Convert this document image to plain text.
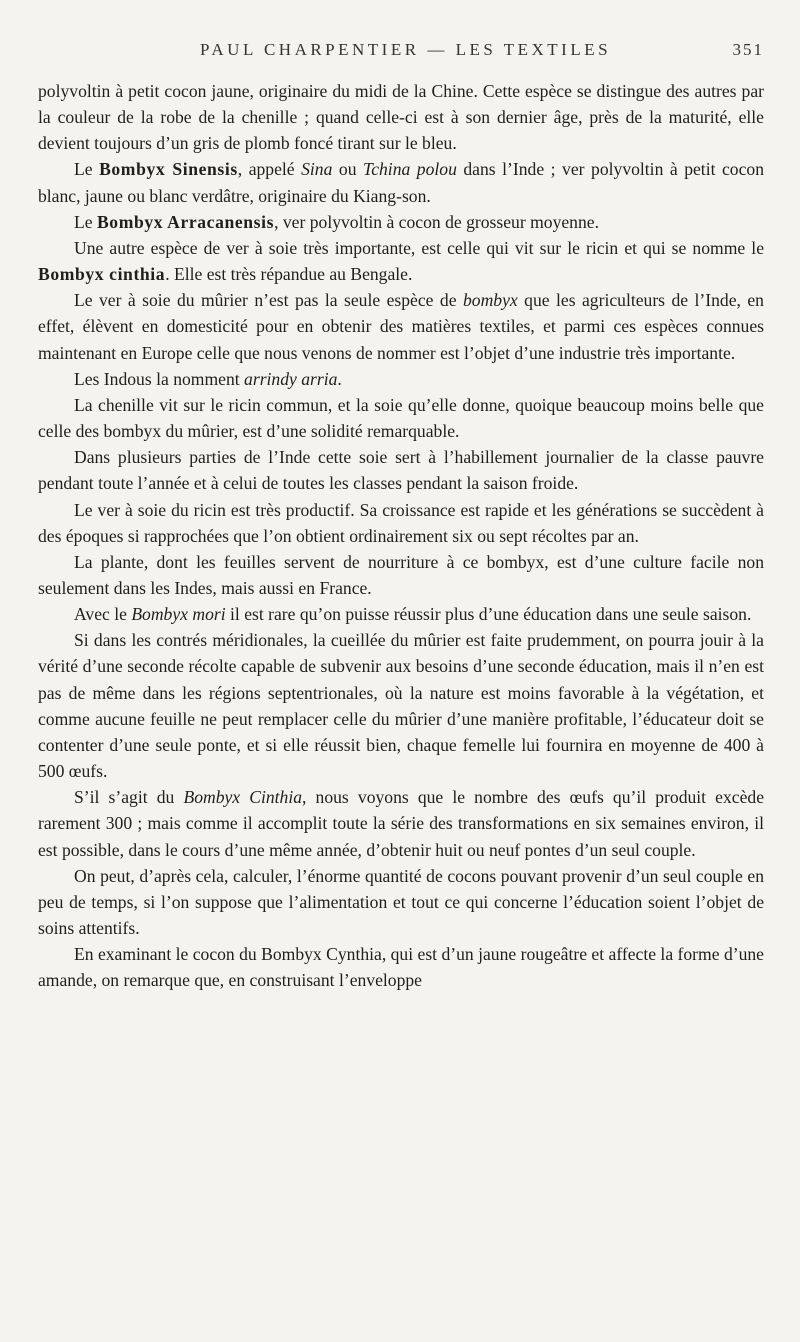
PAUL CHARPENTIER — LES TEXTILES	351

polyvoltin à petit cocon jaune, originaire du midi de la Chine. Cette espèce se distingue des autres par la couleur de la robe de la chenille ; quand celle-ci est à son dernier âge, près de la maturité, elle devient toujours d’un gris de plomb foncé tirant sur le bleu.

Le Bombyx Sinensis, appelé Sina ou Tchina polou dans l’Inde ; ver polyvoltin à petit cocon blanc, jaune ou blanc verdâtre, originaire du Kiang-son.

Le Bombyx Arracanensis, ver polyvoltin à cocon de grosseur moyenne.

Une autre espèce de ver à soie très importante, est celle qui vit sur le ricin et qui se nomme le Bombyx cinthia. Elle est très répandue au Bengale.

Le ver à soie du mûrier n’est pas la seule espèce de bombyx que les agriculteurs de l’Inde, en effet, élèvent en domesticité pour en obtenir des matières textiles, et parmi ces espèces connues maintenant en Europe celle que nous venons de nommer est l’objet d’une industrie très importante.

Les Indous la nomment arrindy arria.

La chenille vit sur le ricin commun, et la soie qu’elle donne, quoique beaucoup moins belle que celle des bombyx du mûrier, est d’une solidité remarquable.

Dans plusieurs parties de l’Inde cette soie sert à l’habillement journalier de la classe pauvre pendant toute l’année et à celui de toutes les classes pendant la saison froide.

Le ver à soie du ricin est très productif. Sa croissance est rapide et les générations se succèdent à des époques si rapprochées que l’on obtient ordinairement six ou sept récoltes par an.

La plante, dont les feuilles servent de nourriture à ce bombyx, est d’une culture facile non seulement dans les Indes, mais aussi en France.

Avec le Bombyx mori il est rare qu’on puisse réussir plus d’une éducation dans une seule saison.

Si dans les contrés méridionales, la cueillée du mûrier est faite prudemment, on pourra jouir à la vérité d’une seconde récolte capable de subvenir aux besoins d’une seconde éducation, mais il n’en est pas de même dans les régions septentrionales, où la nature est moins favorable à la végétation, et comme aucune feuille ne peut remplacer celle du mûrier d’une manière profitable, l’éducateur doit se contenter d’une seule ponte, et si elle réussit bien, chaque femelle lui fournira en moyenne de 400 à 500 œufs.

S’il s’agit du Bombyx Cinthia, nous voyons que le nombre des œufs qu’il produit excède rarement 300 ; mais comme il accomplit toute la série des transformations en six semaines environ, il est possible, dans le cours d’une même année, d’obtenir huit ou neuf pontes d’un seul couple.

On peut, d’après cela, calculer, l’énorme quantité de cocons pouvant provenir d’un seul couple en peu de temps, si l’on suppose que l’alimentation et tout ce qui concerne l’éducation soient l’objet de soins attentifs.

En examinant le cocon du Bombyx Cynthia, qui est d’un jaune rougeâtre et affecte la forme d’une amande, on remarque que, en construisant l’enveloppe
